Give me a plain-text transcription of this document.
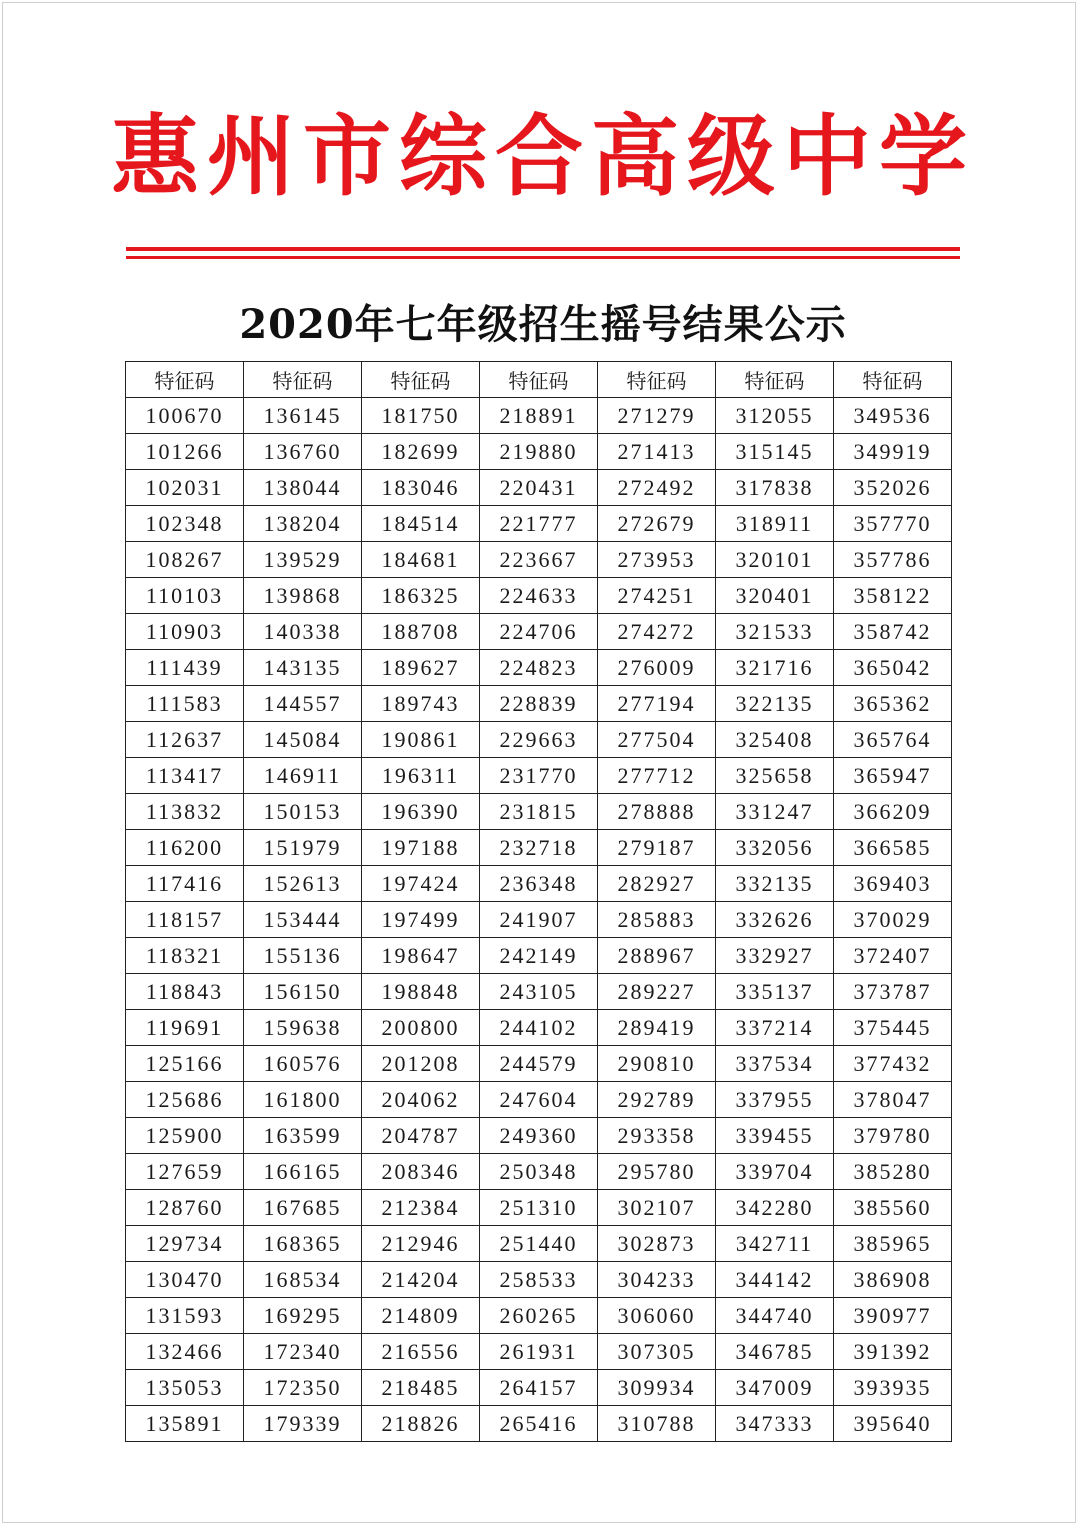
惠州市综合高级中学
2020年七年级招生摇号结果公示
特征码	特征码	特征码	特征码	特征码	特征码	特征码
100670	136145	181750	218891	271279	312055	349536
101266	136760	182699	219880	271413	315145	349919
102031	138044	183046	220431	272492	317838	352026
102348	138204	184514	221777	272679	318911	357770
108267	139529	184681	223667	273953	320101	357786
110103	139868	186325	224633	274251	320401	358122
110903	140338	188708	224706	274272	321533	358742
111439	143135	189627	224823	276009	321716	365042
111583	144557	189743	228839	277194	322135	365362
112637	145084	190861	229663	277504	325408	365764
113417	146911	196311	231770	277712	325658	365947
113832	150153	196390	231815	278888	331247	366209
116200	151979	197188	232718	279187	332056	366585
117416	152613	197424	236348	282927	332135	369403
118157	153444	197499	241907	285883	332626	370029
118321	155136	198647	242149	288967	332927	372407
118843	156150	198848	243105	289227	335137	373787
119691	159638	200800	244102	289419	337214	375445
125166	160576	201208	244579	290810	337534	377432
125686	161800	204062	247604	292789	337955	378047
125900	163599	204787	249360	293358	339455	379780
127659	166165	208346	250348	295780	339704	385280
128760	167685	212384	251310	302107	342280	385560
129734	168365	212946	251440	302873	342711	385965
130470	168534	214204	258533	304233	344142	386908
131593	169295	214809	260265	306060	344740	390977
132466	172340	216556	261931	307305	346785	391392
135053	172350	218485	264157	309934	347009	393935
135891	179339	218826	265416	310788	347333	395640
